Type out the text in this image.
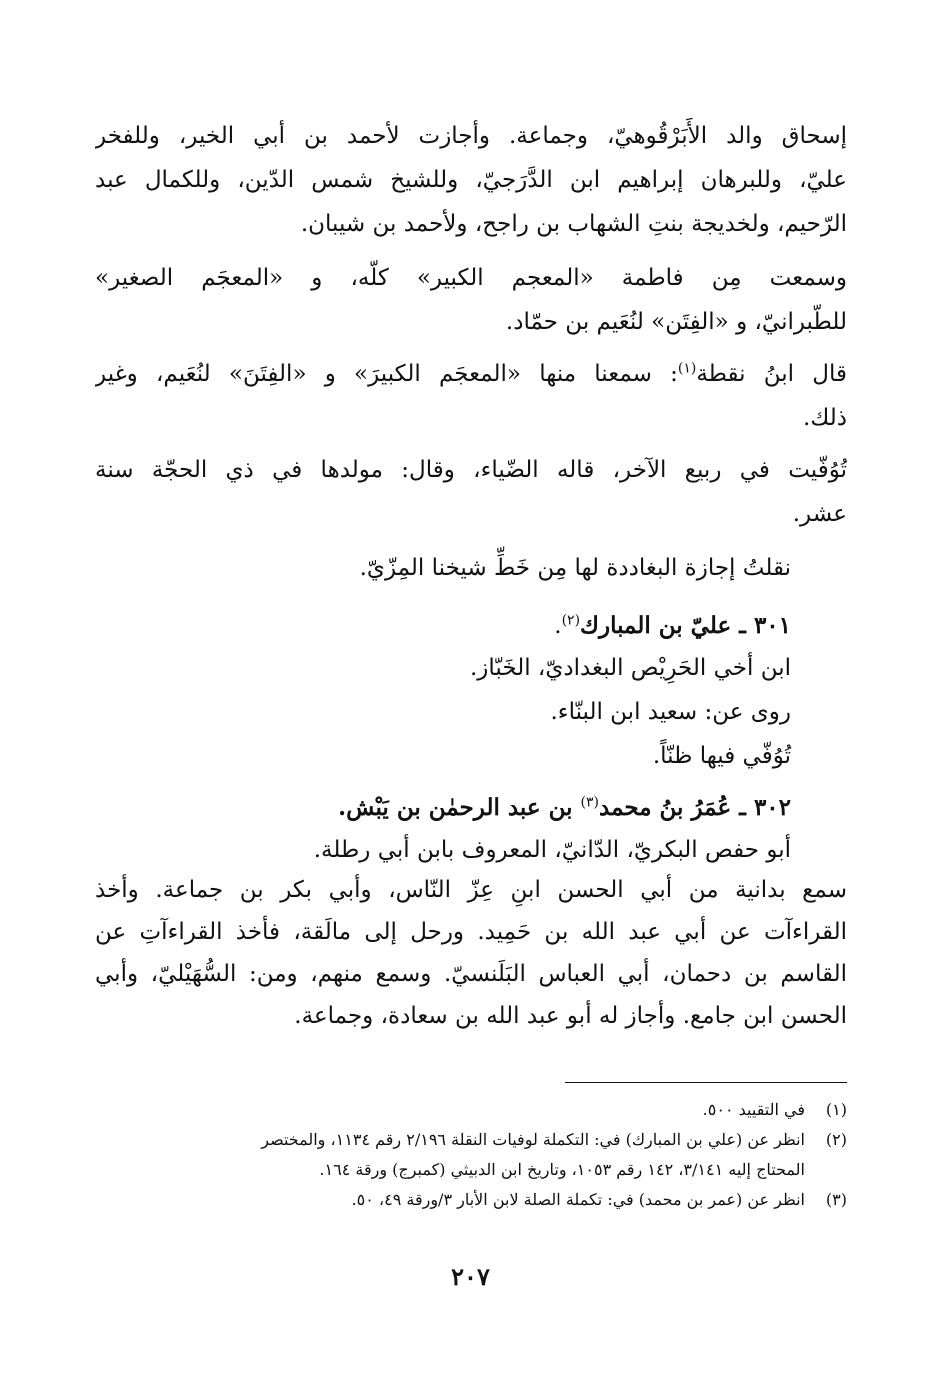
إسحاق والد الأَبَرْقُوهيّ، وجماعة. وأجازت لأحمد بن أبي الخير، وللفخر
عليّ، وللبرهان إبراهيم ابن الدَّرَجيّ، وللشيخ شمس الدّين، وللكمال عبد
الرّحيم، ولخديجة بنتِ الشهاب بن راجح، ولأحمد بن شيبان.
وسمعت مِن فاطمة «المعجم الكبير» كلّه، و «المعجَم الصغير»
للطّبرانيّ، و «الفِتَن» لنُعَيم بن حمّاد.
قال ابنُ نقطة$^{(١)}$: سمعنا منها «المعجَم الكبيرَ» و «الفِتَنَ» لنُعَيم، وغير
ذلك.
تُوُفّيت في ربيع الآخر، قاله الضّياء، وقال: مولدها في ذي الحجّة سنة
عشر.
نقلتُ إجازة البغاددة لها مِن خَطِّ شيخنا المِزّيّ.
٣٠١ ـ عليّ بن المبارك$^{(٢)}$.
ابن أخي الحَرِيْص البغداديّ، الخَبّاز.
روى عن: سعيد ابن البنّاء.
تُوُفّي فيها ظنّاً.
٣٠٢ ـ عُمَرُ بنُ محمد$^{(٣)}$ بن عبد الرحمٰن بن يَبْش.
أبو حفص البكريّ، الدّانيّ، المعروف بابن أبي رطلة.
سمع بدانية من أبي الحسن ابنِ عِزّ النّاس، وأبي بكر بن جماعة. وأخذ
القراءآت عن أبي عبد الله بن حَمِيد. ورحل إلى مالَقة، فأخذ القراءآتِ عن
القاسم بن دحمان، أبي العباس البَلَنسيّ. وسمع منهم، ومن: السُّهَيْليّ، وأبي
الحسن ابن جامع. وأجاز له أبو عبد الله بن سعادة، وجماعة.
(١)في التقييد ٥٠٠.
(٢)انظر عن (علي بن المبارك) في: التكملة لوفيات النقلة ٢/١٩٦ رقم ١١٣٤، والمختصر
المحتاج إليه ٣/١٤١، ١٤٢ رقم ١٠٥٣، وتاريخ ابن الدبيثي (كمبرج) ورقة ١٦٤.
(٣)انظر عن (عمر بن محمد) في: تكملة الصلة لابن الأبار ٣/ورقة ٤٩، ٥٠.
٢٠٧
